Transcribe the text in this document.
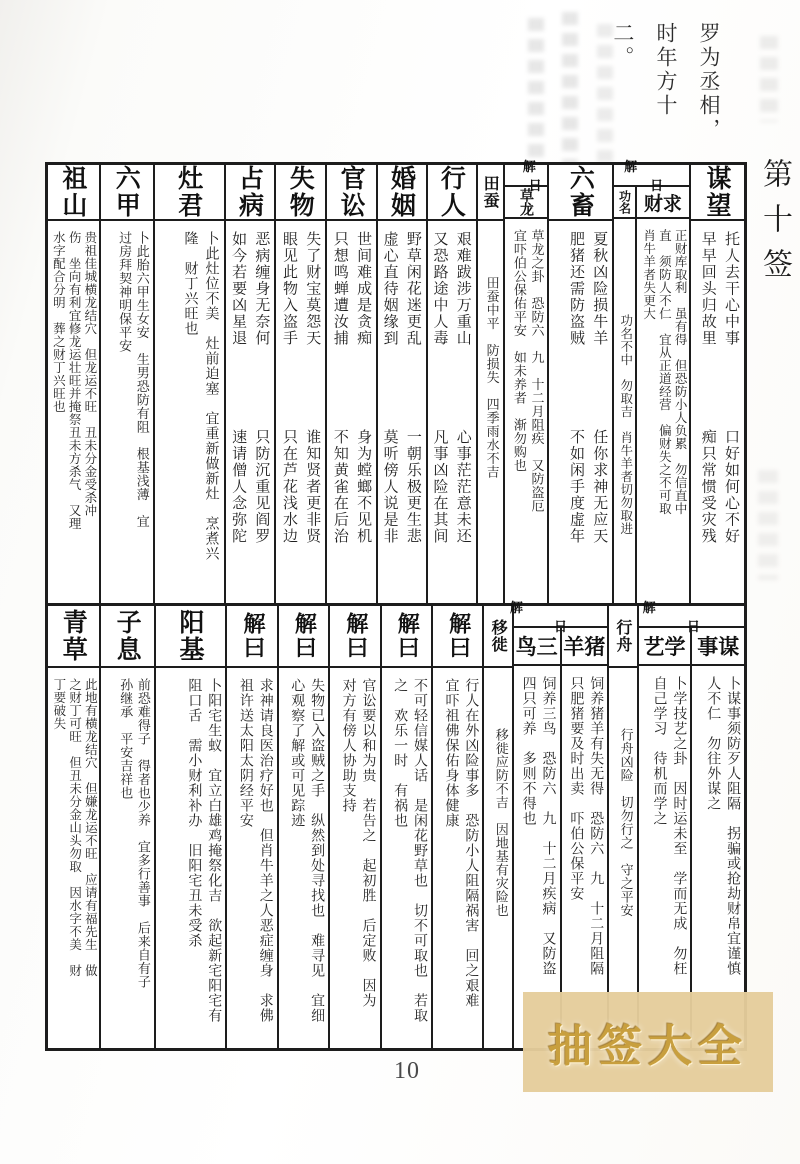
罗为丞相，
时年方十
二。
第十签
祖山
贵祖佳城横龙结穴　但龙运不旺　丑未分金受杀冲
伤　坐向有利宜修龙运壮旺并掩祭丑未方杀气　又理
水字配合分明　葬之财丁兴旺也
六甲
卜此胎六甲生女安　生男恐防有阻　根基浅薄　宜
过房拜契神明保平安
灶君
卜此灶位不美　灶前迫塞　宜重新做新灶　烹煮兴
隆　财丁兴旺也
占病
恶病缠身无奈何　　　　　只防沉重见阎罗
如今若要凶星退　　　　　速请僧人念弥陀
失物
失了财宝莫怨天　　　　　谁知贤者更非贤
眼见此物入盗手　　　　　只在芦花浅水边
官讼
世间难成是贪痴　　　　　身为螳螂不见机
只想鸣蝉遭汝捕　　　　　不知黄雀在后治
婚姻
野草闲花迷更乱　　　　　一朝乐极更生悲
虚心直待姻缘到　　　　　莫听傍人说是非
行人
艰难跋涉万重山　　　　　心事茫茫意未还
又恐路途中人毒　　　　　凡事凶险在其间
田蚕
田蚕中平　防损失　四季雨水不吉
解日
草龙
草龙之卦　恐防六　九　十二月阻疾　又防盗厄
宜吓伯公保佑平安　如未养者　渐勿购也
六畜
夏秋凶险损牛羊　　　　　任你求神无应天
肥猪还需防盗贼　　　　　不如闲手度虚年
解日
功名
功名不中　勿取吉　肖牛羊者切勿取进
求财
正财库取利　虽有得　但恐防小人负累　勿信直中
直　须防人不仁　宜从正道经营　偏财失之不可取
肖牛羊者失更大
谋望
托人去干心中事　　　　　口好如何心不好
早早回头归故里　　　　　痴只常惯受灾残
青草
此地有横龙结穴　但嫌龙运不旺　应请有福先生　做
之财丁可旺　但丑未分金山头勿取　因水字不美　财
丁要破失
子息
前恐难得子　得者也少养　宜多行善事　后来自有子
孙继承　平安吉祥也
阳基
卜阳宅生蚁　宜立白雄鸡掩祭化吉　欲起新宅阳宅有
阻口舌　需小财利补办　旧阳宅丑未受杀
解曰
求神请良医治疗好也　但肖牛羊之人恶症缠身　求佛
祖许送太阳太阴经平安
解曰
失物已入盗贼之手　纵然到处寻找也　难寻见　宜细
心观察了解或可见踪迹
解曰
官讼要以和为贵　若告之　起初胜　后定败　因为
对方有傍人协助支持
解曰
不可轻信媒人话　是闲花野草也　切不可取也　若取
之　欢乐一时　有祸也
解曰
行人在外凶险事多　恐防小人阻隔祸害　回之艰难
宜吓祖佛保佑身体健康
移徙
移徙应防不吉　因地基有灾险也
解日
三鸟
饲养三鸟　恐防六　九　十二月疾病　又防盗
四只可养　多则不得也
猪羊
饲养猪羊有失无得　恐防六　九　十二月阻隔
只肥猪要及时出卖　吓伯公保平安
行舟
行舟凶险　切勿行之　守之平安
解日
学艺
卜学技艺之卦　因时运未至　学而无成　勿枉
自己学习　待机而学之
谋事
卜谋事须防歹人阻隔　拐骗或抢劫财帛宜谨慎
人不仁　勿往外谋之
抽签大全
10
